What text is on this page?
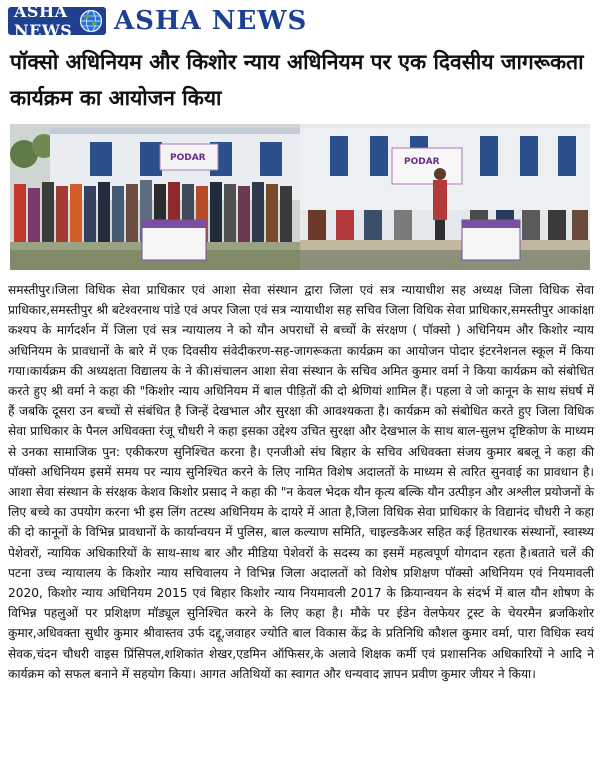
ASHA NEWS	ASHA NEWS
पॉक्सो अधिनियम और किशोर न्याय अधिनियम पर एक दिवसीय जागरूकता कार्यक्रम का आयोजन किया
PODAR	PODAR

समस्तीपुर।जिला विधिक सेवा प्राधिकार एवं आशा सेवा संस्थान द्वारा जिला एवं सत्र न्यायाधीश सह अध्यक्ष जिला विधिक सेवा प्राधिकार,समस्तीपुर श्री बटेश्वरनाथ पांडे एवं अपर जिला एवं सत्र न्यायाधीश सह सचिव जिला विधिक सेवा प्राधिकार,समस्तीपुर आकांक्षा कश्यप के मार्गदर्शन में जिला एवं सत्र न्यायालय ने को यौन अपराधों से बच्चों के संरक्षण ( पॉक्सो ) अधिनियम और किशोर न्याय अधिनियम के प्रावधानों के बारे में एक दिवसीय संवेदीकरण-सह-जागरूकता कार्यक्रम का आयोजन पोदार इंटरनेशनल स्कूल में किया गया।कार्यक्रम की अध्यक्षता विद्यालय के ने की।संचालन आशा सेवा संस्थान के सचिव अमित कुमार वर्मा ने किया कार्यक्रम को संबोधित करते हुए श्री वर्मा ने कहा की "किशोर न्याय अधिनियम में बाल पीड़ितों की दो श्रेणियां शामिल हैं। पहला वे जो कानून के साथ संघर्ष में हैं जबकि दूसरा उन बच्चों से संबंधित है जिन्हें देखभाल और सुरक्षा की आवश्यकता है। कार्यक्रम को संबोधित करते हुए जिला विधिक सेवा प्राधिकार के पैनल अधिवक्ता रंजू चौधरी ने कहा इसका उद्देश्य उचित सुरक्षा और देखभाल के साथ बाल-सुलभ दृष्टिकोण के माध्यम से उनका सामाजिक पुन: एकीकरण सुनिश्चित करना है। एनजीओ संघ बिहार के सचिव अधिवक्ता संजय कुमार बबलू ने कहा की पॉक्सो अधिनियम इसमें समय पर न्याय सुनिश्चित करने के लिए नामित विशेष अदालतों के माध्यम से त्वरित सुनवाई का प्रावधान है।आशा सेवा संस्थान के संरक्षक केशव किशोर प्रसाद ने कहा की "न केवल भेदक यौन कृत्य बल्कि यौन उत्पीड़न और अश्लील प्रयोजनों के लिए बच्चे का उपयोग करना भी इस लिंग तटस्थ अधिनियम के दायरे में आता है,जिला विधिक सेवा प्राधिकार के विद्यानंद चौधरी ने कहा की दो कानूनों के विभिन्न प्रावधानों के कार्यान्वयन में पुलिस, बाल कल्याण समिति, चाइल्डकैअर सहित कई हितधारक संस्थानों, स्वास्थ्य पेशेवरों, न्यायिक अधिकारियों के साथ-साथ बार और मीडिया पेशेवरों के सदस्य का इसमें महत्वपूर्ण योगदान रहता है।बताते चलें की पटना उच्च न्यायालय के किशोर न्याय सचिवालय ने विभिन्न जिला अदालतों को विशेष प्रशिक्षण पॉक्सो अधिनियम एवं नियमावली 2020, किशोर न्याय अधिनियम 2015 एवं बिहार किशोर न्याय नियमावली 2017 के क्रियान्वयन के संदर्भ में बाल यौन शोषण के विभिन्न पहलुओं पर प्रशिक्षण मॉड्यूल सुनिश्चित करने के लिए कहा है। मौके पर ईडेन वेलफेयर ट्रस्ट के चेयरमैन ब्रजकिशोर कुमार,अधिवक्ता सुधीर कुमार श्रीवास्तव उर्फ दद्दू,जवाहर ज्योति बाल विकास केंद्र के प्रतिनिधि कौशल कुमार वर्मा, पारा विधिक स्वयं सेवक,चंदन चौधरी वाइस प्रिंसिपल,शशिकांत शेखर,एडमिन ऑफिसर,के अलावे शिक्षक कर्मी एवं प्रशासनिक अधिकारियों ने आदि ने कार्यक्रम को सफल बनाने में सहयोग किया। आगत अतिथियों का स्वागत और धन्यवाद ज्ञापन प्रवीण कुमार जीयर ने किया।
